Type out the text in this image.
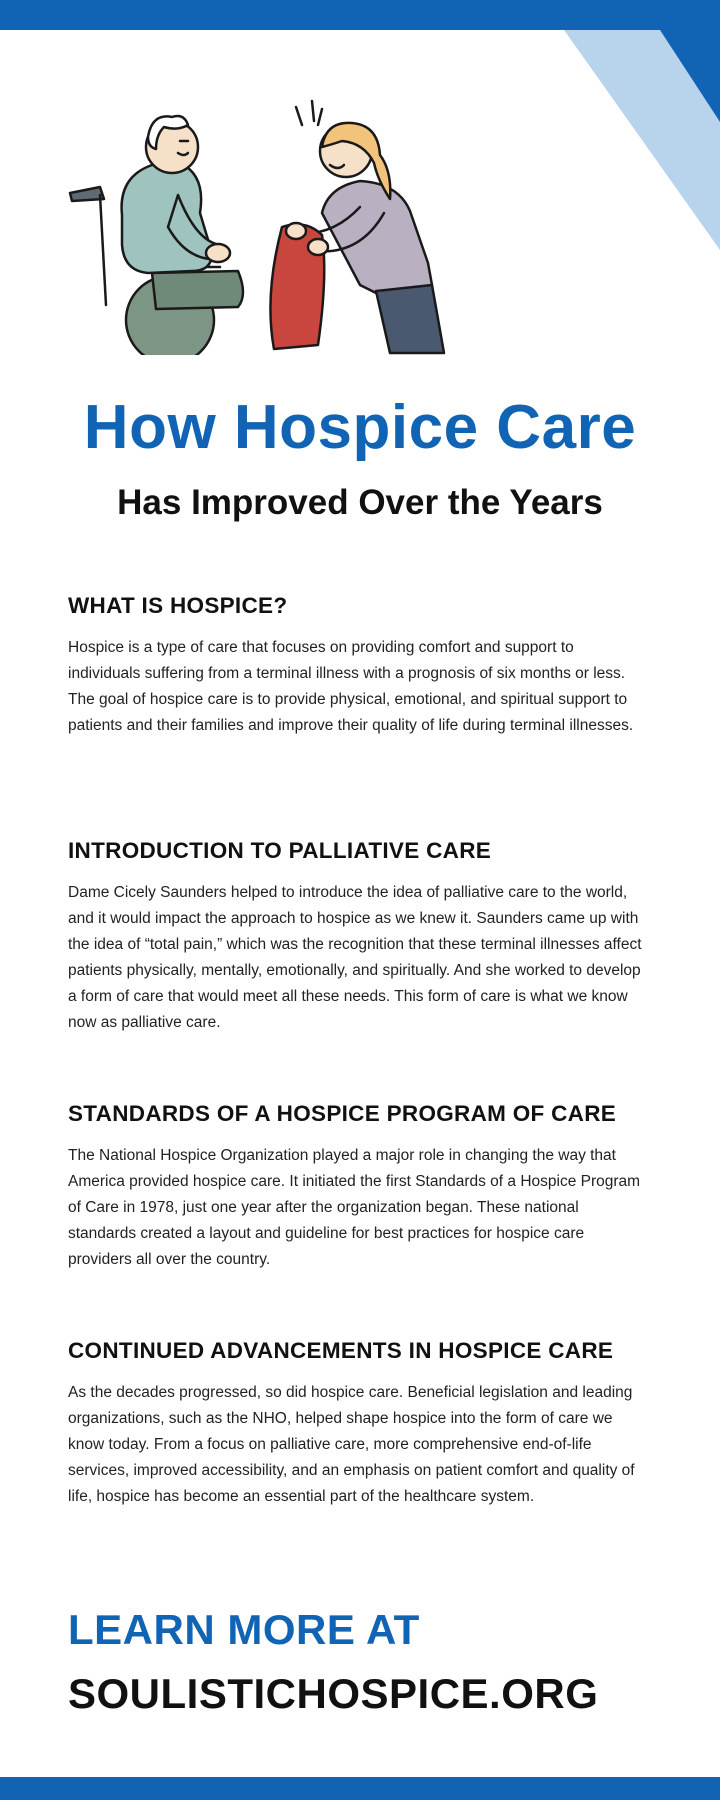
How Hospice Care
Has Improved Over the Years
WHAT IS HOSPICE?

Hospice is a type of care that focuses on providing comfort and support to individuals suffering from a terminal illness with a prognosis of six months or less. The goal of hospice care is to provide physical, emotional, and spiritual support to patients and their families and improve their quality of life during terminal illnesses.

INTRODUCTION TO PALLIATIVE CARE

Dame Cicely Saunders helped to introduce the idea of palliative care to the world, and it would impact the approach to hospice as we knew it. Saunders came up with the idea of “total pain,” which was the recognition that these terminal illnesses affect patients physically, mentally, emotionally, and spiritually. And she worked to develop a form of care that would meet all these needs. This form of care is what we know now as palliative care.

STANDARDS OF A HOSPICE PROGRAM OF CARE

The National Hospice Organization played a major role in changing the way that America provided hospice care. It initiated the first Standards of a Hospice Program of Care in 1978, just one year after the organization began. These national standards created a layout and guideline for best practices for hospice care providers all over the country.

CONTINUED ADVANCEMENTS IN HOSPICE CARE

As the decades progressed, so did hospice care. Beneficial legislation and leading organizations, such as the NHO, helped shape hospice into the form of care we know today. From a focus on palliative care, more comprehensive end-of-life services, improved accessibility, and an emphasis on patient comfort and quality of life, hospice has become an essential part of the healthcare system.

LEARN MORE AT
SOULISTICHOSPICE.ORG
